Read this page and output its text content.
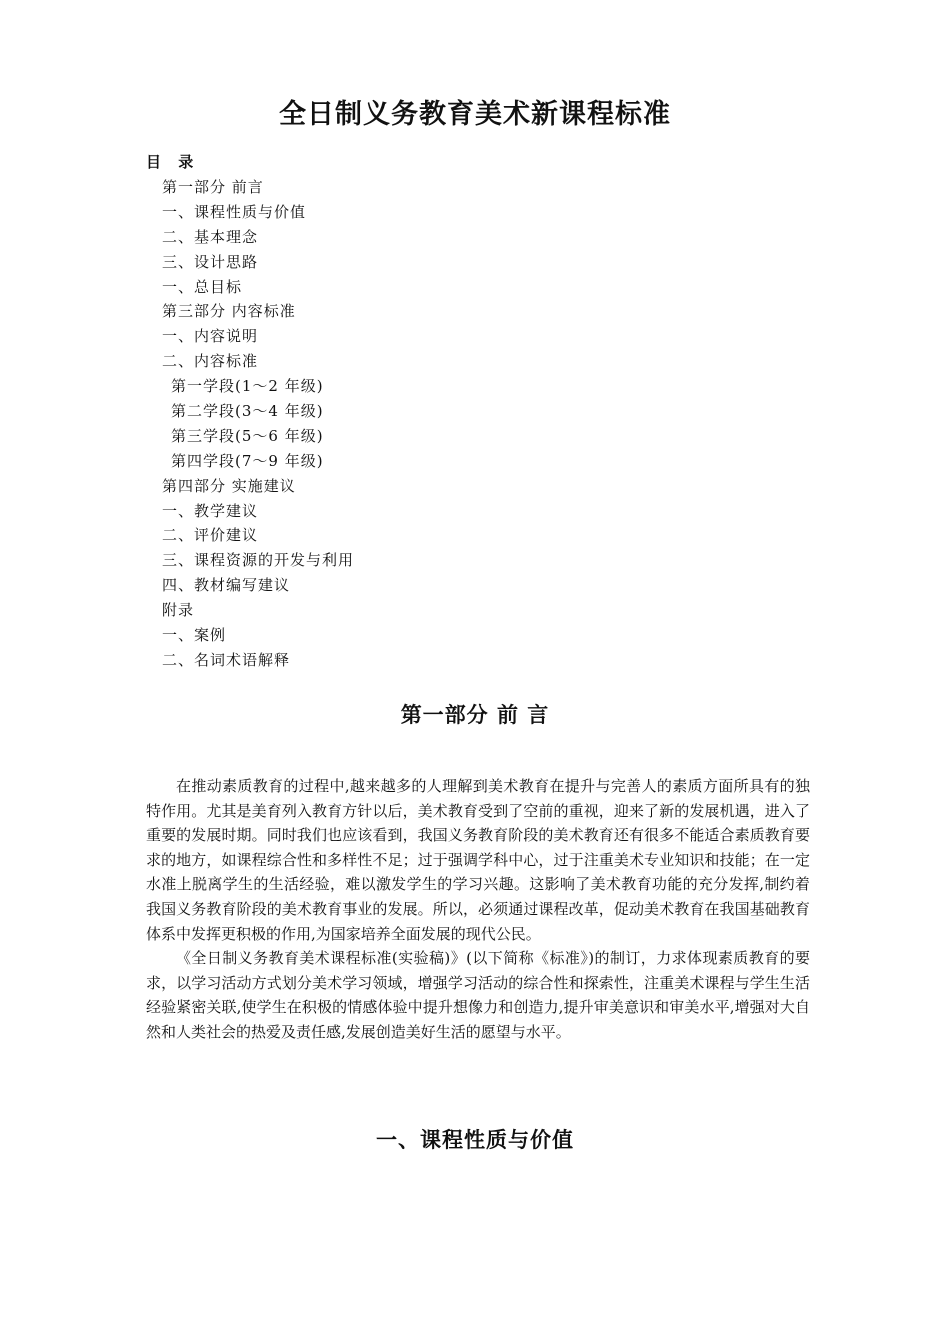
全日制义务教育美术新课程标准
目 录
第一部分 前言
一、课程性质与价值
二、基本理念
三、设计思路
一、总目标
第三部分 内容标准
一、内容说明
二、内容标准
第一学段(1～2 年级)
第二学段(3～4 年级)
第三学段(5～6 年级)
第四学段(7～9 年级)
第四部分 实施建议
一、教学建议
二、评价建议
三、课程资源的开发与利用
四、教材编写建议
附录
一、案例
二、名词术语解释
第一部分 前 言

在推动素质教育的过程中,越来越多的人理解到美术教育在提升与完善人的素质方面所具有的独特作用。尤其是美育列入教育方针以后，美术教育受到了空前的重视，迎来了新的发展机遇，进入了重要的发展时期。同时我们也应该看到，我国义务教育阶段的美术教育还有很多不能适合素质教育要求的地方，如课程综合性和多样性不足；过于强调学科中心，过于注重美术专业知识和技能；在一定水准上脱离学生的生活经验，难以激发学生的学习兴趣。这影响了美术教育功能的充分发挥,制约着我国义务教育阶段的美术教育事业的发展。所以，必须通过课程改革，促动美术教育在我国基础教育体系中发挥更积极的作用,为国家培养全面发展的现代公民。

《全日制义务教育美术课程标准(实验稿)》(以下简称《标准》)的制订，力求体现素质教育的要求，以学习活动方式划分美术学习领域，增强学习活动的综合性和探索性，注重美术课程与学生生活经验紧密关联,使学生在积极的情感体验中提升想像力和创造力,提升审美意识和审美水平,增强对大自然和人类社会的热爱及责任感,发展创造美好生活的愿望与水平。

一、课程性质与价值
